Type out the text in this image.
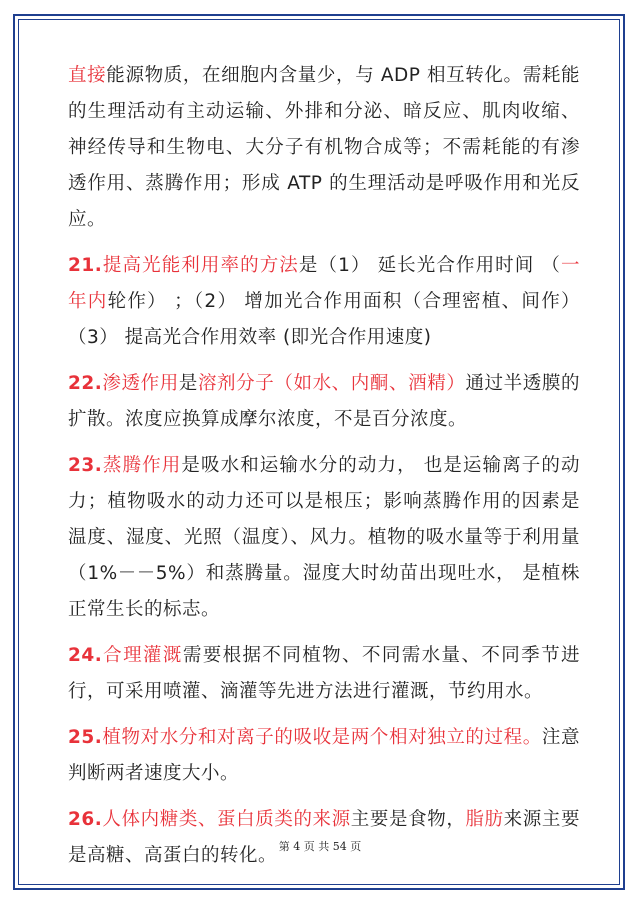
直接能源物质，在细胞内含量少，与 ADP 相互转化。需耗能的生理活动有主动运输、外排和分泌、暗反应、肌肉收缩、神经传导和生物电、大分子有机物合成等；不需耗能的有渗透作用、蒸腾作用；形成 ATP 的生理活动是呼吸作用和光反应。

21.提高光能利用率的方法是（1） 延长光合作用时间 （一年内轮作） ；（2） 增加光合作用面积（合理密植、间作） （3） 提高光合作用效率 (即光合作用速度)

22.渗透作用是溶剂分子（如水、内酮、酒精）通过半透膜的扩散。浓度应换算成摩尔浓度，不是百分浓度。

23.蒸腾作用是吸水和运输水分的动力， 也是运输离子的动力；植物吸水的动力还可以是根压；影响蒸腾作用的因素是温度、湿度、光照（温度）、风力。植物的吸水量等于利用量（1%－－5%）和蒸腾量。湿度大时幼苗出现吐水， 是植株正常生长的标志。

24.合理灌溉需要根据不同植物、不同需水量、不同季节进行，可采用喷灌、滴灌等先进方法进行灌溉，节约用水。

25.植物对水分和对离子的吸收是两个相对独立的过程。注意判断两者速度大小。

26.人体内糖类、蛋白质类的来源主要是食物，脂肪来源主要是高糖、高蛋白的转化。 第 4 页 共 54 页
